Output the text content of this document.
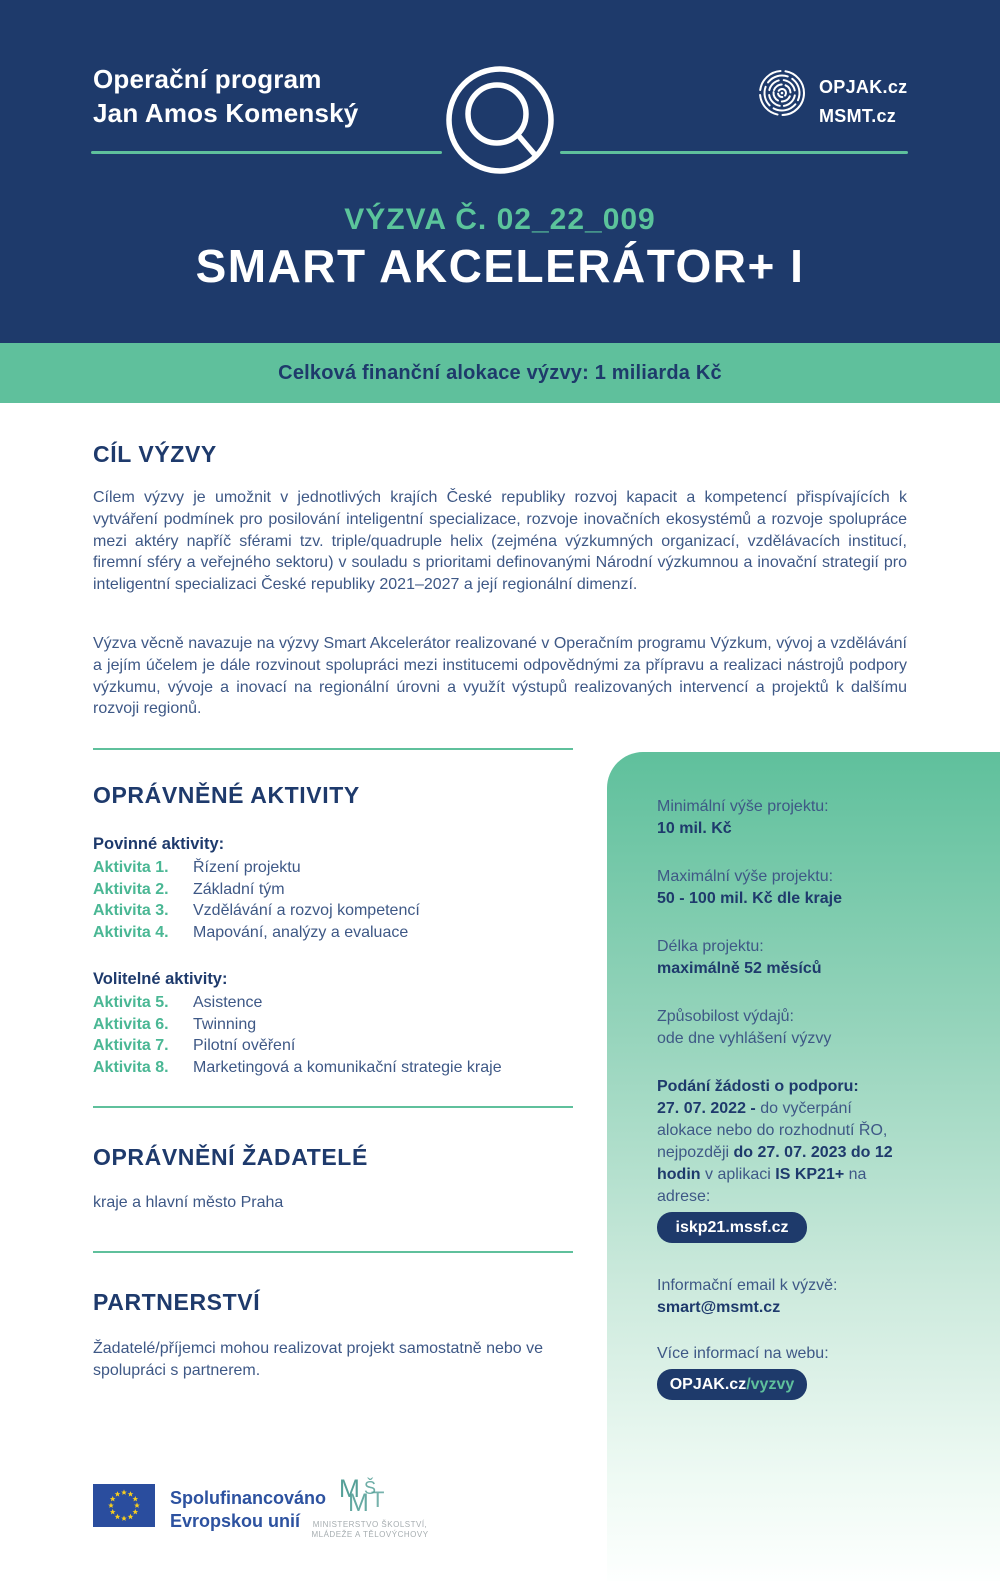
Operační program
Jan Amos Komenský
OPJAK.cz
MSMT.cz
VÝZVA Č. 02_22_009
SMART AKCELERÁTOR+ I
Celková finanční alokace výzvy: 1 miliarda Kč
CÍL VÝZVY

Cílem výzvy je umožnit v jednotlivých krajích České republiky rozvoj kapacit a kompetencí přispívajících k vytváření podmínek pro posilování inteligentní specializace, rozvoje inovačních ekosystémů a rozvoje spolupráce mezi aktéry napříč sférami tzv. triple/quadruple helix (zejména výzkumných organizací, vzdělávacích institucí, firemní sféry a veřejného sektoru) v souladu s prioritami definovanými Národní výzkumnou a inovační strategií pro inteligentní specializaci České republiky 2021–2027 a její regionální dimenzí.

Výzva věcně navazuje na výzvy Smart Akcelerátor realizované v Operačním programu Výzkum, vývoj a vzdělávání a jejím účelem je dále rozvinout spolupráci mezi institucemi odpovědnými za přípravu a realizaci nástrojů podpory výzkumu, vývoje a inovací na regionální úrovni a využít výstupů realizovaných intervencí a projektů k dalšímu rozvoji regionů.

OPRÁVNĚNÉ AKTIVITY

Povinné aktivity:

Aktivita 1.	Řízení projektu
Aktivita 2.	Základní tým
Aktivita 3.	Vzdělávání a rozvoj kompetencí
Aktivita 4.	Mapování, analýzy a evaluace

Volitelné aktivity:

Aktivita 5.	Asistence
Aktivita 6.	Twinning
Aktivita 7.	Pilotní ověření
Aktivita 8.	Marketingová a komunikační strategie kraje
OPRÁVNĚNÍ ŽADATELÉ

kraje a hlavní město Praha

PARTNERSTVÍ

Žadatelé/příjemci mohou realizovat projekt samostatně nebo ve spolupráci s partnerem.

Minimální výše projektu:

10 mil. Kč

Maximální výše projektu:

50 - 100 mil. Kč dle kraje

Délka projektu:

maximálně 52 měsíců

Způsobilost výdajů:

ode dne vyhlášení výzvy

Podání žádosti o podporu:

27. 07. 2022 - do vyčerpání alokace nebo do rozhodnutí ŘO, nejpozději do 27. 07. 2023 do 12 hodin v aplikaci IS KP21+ na adrese:

iskp21.mssf.cz

Informační email k výzvě:

smart@msmt.cz

Více informací na webu:

OPJAK.cz /vyzvy
Spolufinancováno
Evropskou unií
M Š
M T
MINISTERSTVO ŠKOLSTVÍ,
MLÁDEŽE A TĚLOVÝCHOVY
